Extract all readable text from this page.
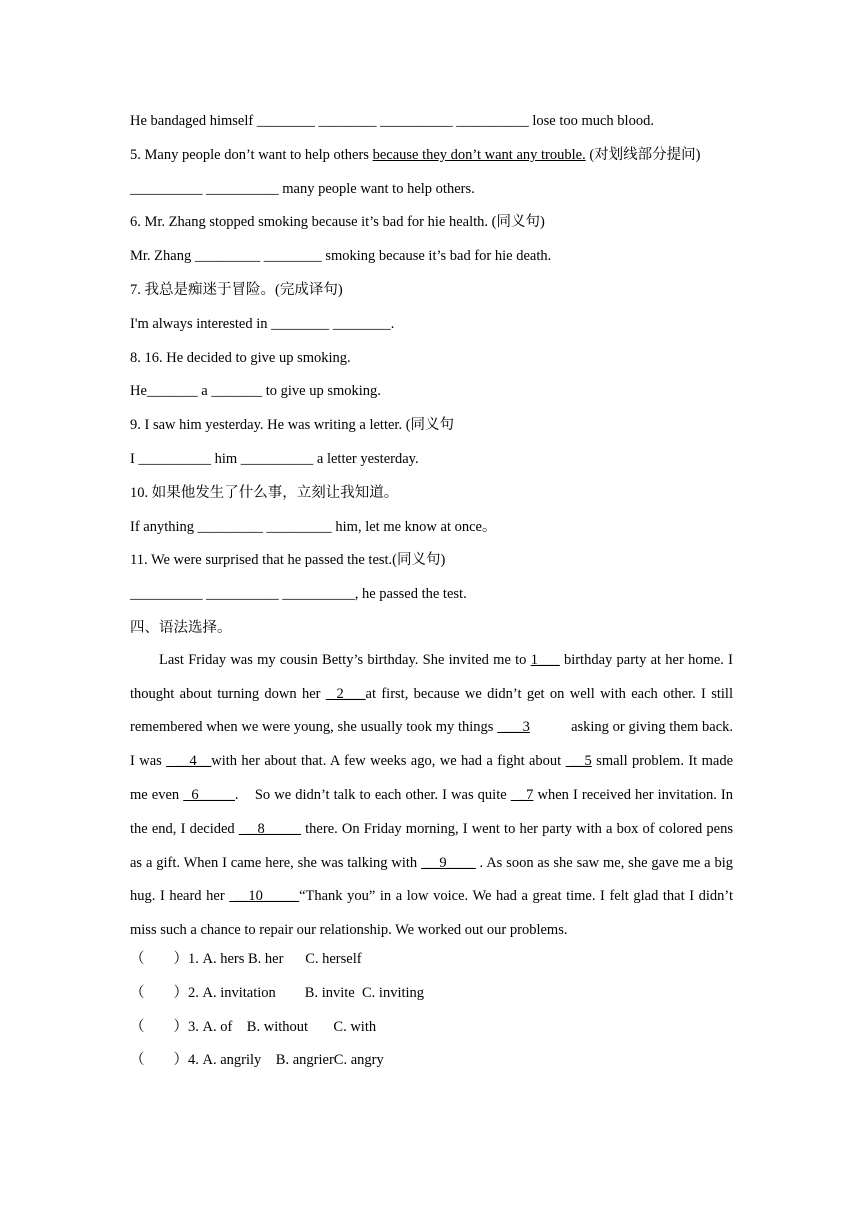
He bandaged himself ________ ________ __________ __________ lose too much blood.
5. Many people don’t want to help others because they don’t want any trouble. (对划线部分提问)
__________ __________ many people want to help others.
6. Mr. Zhang stopped smoking because it’s bad for hie health. (同义句)
Mr. Zhang _________ ________ smoking because it’s bad for hie death.
7. 我总是痴迷于冒险。(完成译句)
I'm always interested in ________ ________.
8. 16. He decided to give up smoking.
He_______ a _______ to give up smoking.
9. I saw him yesterday. He was writing a letter. (同义句
I __________ him __________ a letter yesterday.
10. 如果他发生了什么事，立刻让我知道。
If anything _________ _________ him, let me know at once。
11. We were surprised that he passed the test.(同义句)
__________ __________ __________, he passed the test.
四、语法选择。

Last Friday was my cousin Betty’s birthday. She invited me to 1___ birthday party at her home. I thought about turning down her   2___at first, because we didn’t get on well with each other. I still remembered when we were young, she usually took my things  ___3           asking or giving them back. I was   __4__with her about that. A few weeks ago, we had a fight about  __5 small problem. It made me even   6_____.    So we didn’t talk to each other. I was quite   _7 when I received her invitation. In the end, I decided  __8_____ there. On Friday morning, I went to her party with a box of colored pens as a gift. When I came here, she was talking with  __9____ . As soon as she saw me, she gave me a big hug. I heard her  __10_____“Thank you” in a low voice. We had a great time. I felt glad that I didn’t miss such a chance to repair our relationship. We worked out our problems.

（        ）1. A. hers B. her      C. herself
（        ）2. A. invitation        B. invite  C. inviting
（        ）3. A. of    B. without       C. with
（        ）4. A. angrily    B. angrierC. angry
